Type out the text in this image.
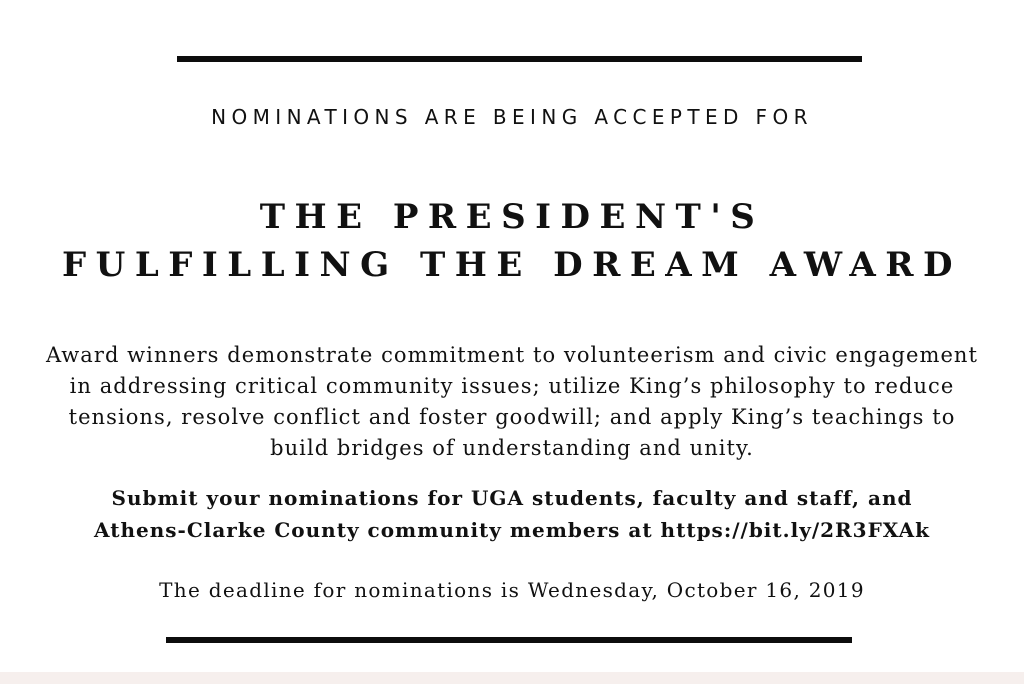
NOMINATIONS ARE BEING ACCEPTED FOR

THE PRESIDENT'S
FULFILLING THE DREAM AWARD

Award winners demonstrate commitment to volunteerism and civic engagement

in addressing critical community issues; utilize King’s philosophy to reduce

tensions, resolve conflict and foster goodwill; and apply King’s teachings to

build bridges of understanding and unity.

Submit your nominations for UGA students, faculty and staff, and

Athens-Clarke County community members at https://bit.ly/2R3FXAk

The deadline for nominations is Wednesday, October 16, 2019
